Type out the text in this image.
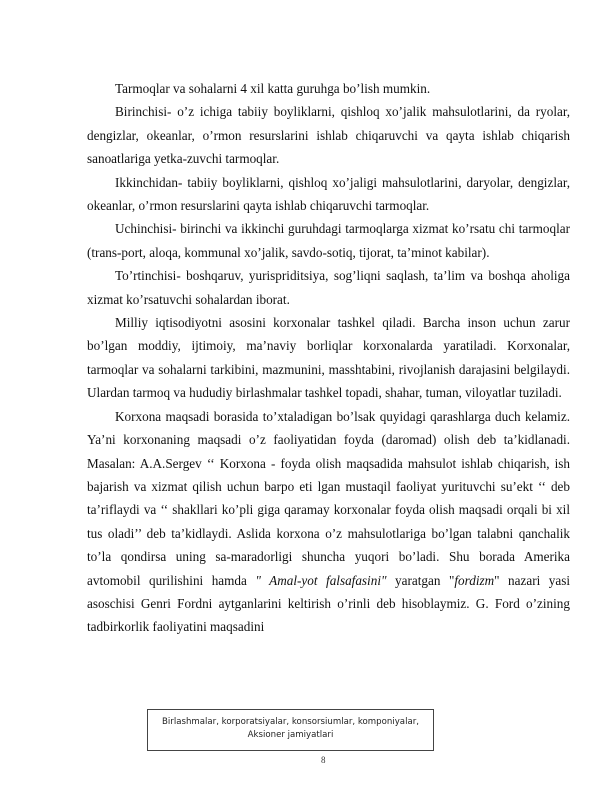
Tarmoqlar va sohalarni 4 xil katta guruhga bo’lish mumkin.

Birinchisi- o’z ichiga tabiiy boyliklarni, qishloq xo’jalik mahsulotlarini, da ryolar, dengizlar, okeanlar, o’rmon resurslarini ishlab chiqaruvchi va qayta ishlab chiqarish sanoatlariga yetka-zuvchi tarmoqlar.

Ikkinchidan- tabiiy boyliklarni, qishloq xo’jaligi mahsulotlarini, daryolar, dengizlar, okeanlar, o’rmon resurslarini qayta ishlab chiqaruvchi tarmoqlar.

Uchinchisi- birinchi va ikkinchi guruhdagi tarmoqlarga xizmat ko’rsatu chi tarmoqlar (trans-port, aloqa, kommunal xo’jalik, savdo-sotiq, tijorat, ta’minot kabilar).

To’rtinchisi- boshqaruv, yurispriditsiya, sog’liqni saqlash, ta’lim va boshqa aholiga xizmat ko’rsatuvchi sohalardan iborat.

Milliy iqtisodiyotni asosini korxonalar tashkel qiladi. Barcha inson uchun zarur bo’lgan moddiy, ijtimoiy, ma’naviy borliqlar korxonalarda yaratiladi. Korxonalar, tarmoqlar va sohalarni tarkibini, mazmunini, masshtabini, rivojlanish darajasini belgilaydi. Ulardan tarmoq va hududiy birlashmalar tashkel topadi, shahar, tuman, viloyatlar tuziladi.

Korxona maqsadi borasida to’xtaladigan bo’lsak quyidagi qarashlarga duch kelamiz. Ya’ni korxonaning maqsadi o’z faoliyatidan foyda (daromad) olish deb ta’kidlanadi. Masalan: A.A.Sergev ‘‘ Korxona - foyda olish maqsadida mahsulot ishlab chiqarish, ish bajarish va xizmat qilish uchun barpo eti lgan mustaqil faoliyat yurituvchi su’ekt ‘‘ deb ta’riflaydi va ‘‘ shakllari ko’pli giga qaramay korxonalar foyda olish maqsadi orqali bi xil tus oladi’’ deb ta’kidlaydi. Aslida korxona o’z mahsulotlariga bo’lgan talabni qanchalik to’la qondirsa uning sa-maradorligi shuncha yuqori bo’ladi. Shu borada Amerika avtomobil qurilishini hamda " Amal-yot falsafasini" yaratgan "fordizm" nazari yasi asoschisi Genri Fordni aytganlarini keltirish o’rinli deb hisoblaymiz. G. Ford o’zining tadbirkorlik faoliyatini maqsadini

Birlashmalar, korporatsiyalar, konsorsiumlar, komponiyalar,
Aksioner jamiyatlari
8
